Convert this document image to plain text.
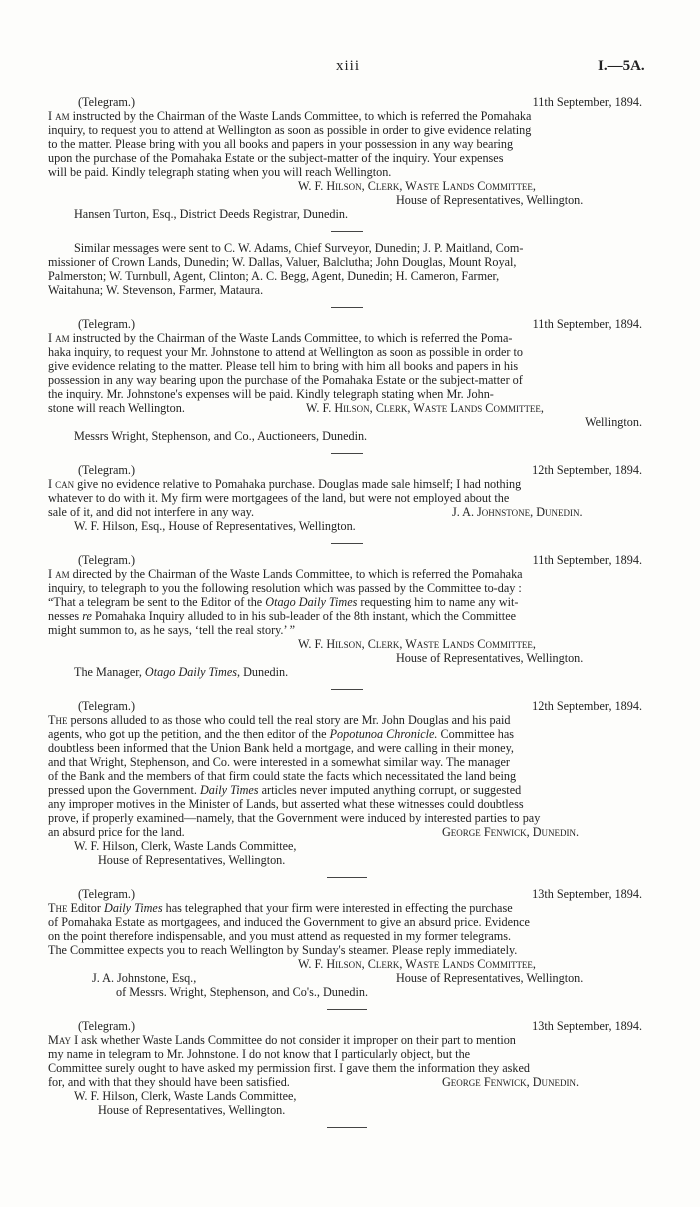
xiii	I.—5A.
(Telegram.)	11th September, 1894.
I am instructed by the Chairman of the Waste Lands Committee, to which is referred the Pomahaka
inquiry, to request you to attend at Wellington as soon as possible in order to give evidence relating
to the matter. Please bring with you all books and papers in your possession in any way bearing
upon the purchase of the Pomahaka Estate or the subject-matter of the inquiry. Your expenses
will be paid. Kindly telegraph stating when you will reach Wellington.
W. F. Hilson, Clerk, Waste Lands Committee,
House of Representatives, Wellington.
Hansen Turton, Esq., District Deeds Registrar, Dunedin.
Similar messages were sent to C. W. Adams, Chief Surveyor, Dunedin; J. P. Maitland, Com-
missioner of Crown Lands, Dunedin; W. Dallas, Valuer, Balclutha; John Douglas, Mount Royal,
Palmerston; W. Turnbull, Agent, Clinton; A. C. Begg, Agent, Dunedin; H. Cameron, Farmer,
Waitahuna; W. Stevenson, Farmer, Mataura.
(Telegram.)	11th September, 1894.
I am instructed by the Chairman of the Waste Lands Committee, to which is referred the Poma-
haka inquiry, to request your Mr. Johnstone to attend at Wellington as soon as possible in order to
give evidence relating to the matter. Please tell him to bring with him all books and papers in his
possession in any way bearing upon the purchase of the Pomahaka Estate or the subject-matter of
the inquiry. Mr. Johnstone's expenses will be paid. Kindly telegraph stating when Mr. John-
stone will reach Wellington.	W. F. Hilson, Clerk, Waste Lands Committee,
Wellington.
Messrs Wright, Stephenson, and Co., Auctioneers, Dunedin.
(Telegram.)	12th September, 1894.
I can give no evidence relative to Pomahaka purchase. Douglas made sale himself; I had nothing
whatever to do with it. My firm were mortgagees of the land, but were not employed about the
sale of it, and did not interfere in any way.	J. A. Johnstone, Dunedin.
W. F. Hilson, Esq., House of Representatives, Wellington.
(Telegram.)	11th September, 1894.
I am directed by the Chairman of the Waste Lands Committee, to which is referred the Pomahaka
inquiry, to telegraph to you the following resolution which was passed by the Committee to-day :
“That a telegram be sent to the Editor of the Otago Daily Times requesting him to name any wit-
nesses re Pomahaka Inquiry alluded to in his sub-leader of the 8th instant, which the Committee
might summon to, as he says, ‘tell the real story.’ ”
W. F. Hilson, Clerk, Waste Lands Committee,
House of Representatives, Wellington.
The Manager, Otago Daily Times, Dunedin.
(Telegram.)	12th September, 1894.
The persons alluded to as those who could tell the real story are Mr. John Douglas and his paid
agents, who got up the petition, and the then editor of the Popotunoa Chronicle. Committee has
doubtless been informed that the Union Bank held a mortgage, and were calling in their money,
and that Wright, Stephenson, and Co. were interested in a somewhat similar way. The manager
of the Bank and the members of that firm could state the facts which necessitated the land being
pressed upon the Government. Daily Times articles never imputed anything corrupt, or suggested
any improper motives in the Minister of Lands, but asserted what these witnesses could doubtless
prove, if properly examined—namely, that the Government were induced by interested parties to pay
an absurd price for the land.	George Fenwick, Dunedin.
W. F. Hilson, Clerk, Waste Lands Committee,
House of Representatives, Wellington.
(Telegram.)	13th September, 1894.
The Editor Daily Times has telegraphed that your firm were interested in effecting the purchase
of Pomahaka Estate as mortgagees, and induced the Government to give an absurd price. Evidence
on the point therefore indispensable, and you must attend as requested in my former telegrams.
The Committee expects you to reach Wellington by Sunday's steamer. Please reply immediately.
W. F. Hilson, Clerk, Waste Lands Committee,
J. A. Johnstone, Esq.,	House of Representatives, Wellington.
of Messrs. Wright, Stephenson, and Co's., Dunedin.
(Telegram.)	13th September, 1894.
May I ask whether Waste Lands Committee do not consider it improper on their part to mention
my name in telegram to Mr. Johnstone. I do not know that I particularly object, but the
Committee surely ought to have asked my permission first. I gave them the information they asked
for, and with that they should have been satisfied.	George Fenwick, Dunedin.
W. F. Hilson, Clerk, Waste Lands Committee,
House of Representatives, Wellington.
